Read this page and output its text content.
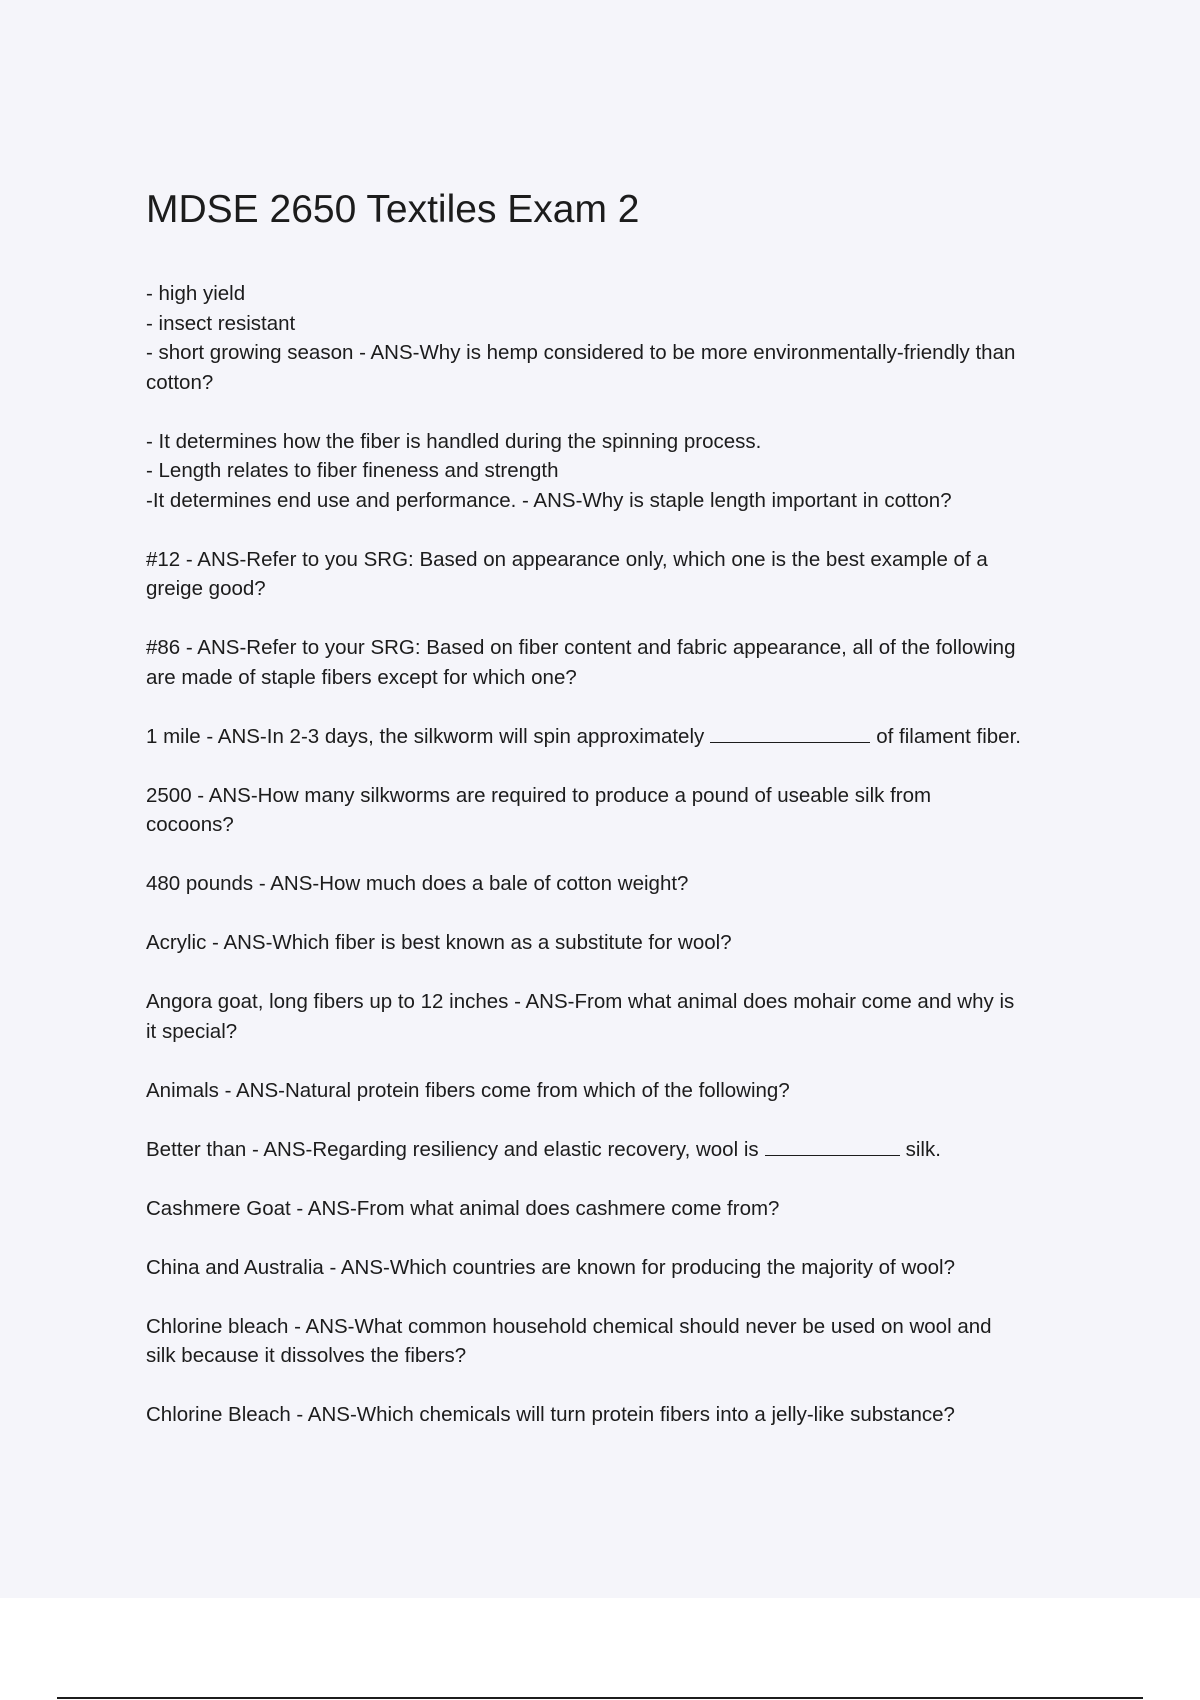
MDSE 2650 Textiles Exam 2

- high yield
- insect resistant
- short growing season - ANS-Why is hemp considered to be more environmentally-friendly than
cotton?

- It determines how the fiber is handled during the spinning process.
- Length relates to fiber fineness and strength
-It determines end use and performance. - ANS-Why is staple length important in cotton?

#12 - ANS-Refer to you SRG: Based on appearance only, which one is the best example of a
greige good?

#86 - ANS-Refer to your SRG: Based on fiber content and fabric appearance, all of the following
are made of staple fibers except for which one?

1 mile - ANS-In 2-3 days, the silkworm will spin approximately	of filament fiber.

2500 - ANS-How many silkworms are required to produce a pound of useable silk from
cocoons?

480 pounds - ANS-How much does a bale of cotton weight?

Acrylic - ANS-Which fiber is best known as a substitute for wool?

Angora goat, long fibers up to 12 inches - ANS-From what animal does mohair come and why is
it special?

Animals - ANS-Natural protein fibers come from which of the following?

Better than - ANS-Regarding resiliency and elastic recovery, wool is	silk.

Cashmere Goat - ANS-From what animal does cashmere come from?

China and Australia - ANS-Which countries are known for producing the majority of wool?

Chlorine bleach - ANS-What common household chemical should never be used on wool and
silk because it dissolves the fibers?

Chlorine Bleach - ANS-Which chemicals will turn protein fibers into a jelly-like substance?
